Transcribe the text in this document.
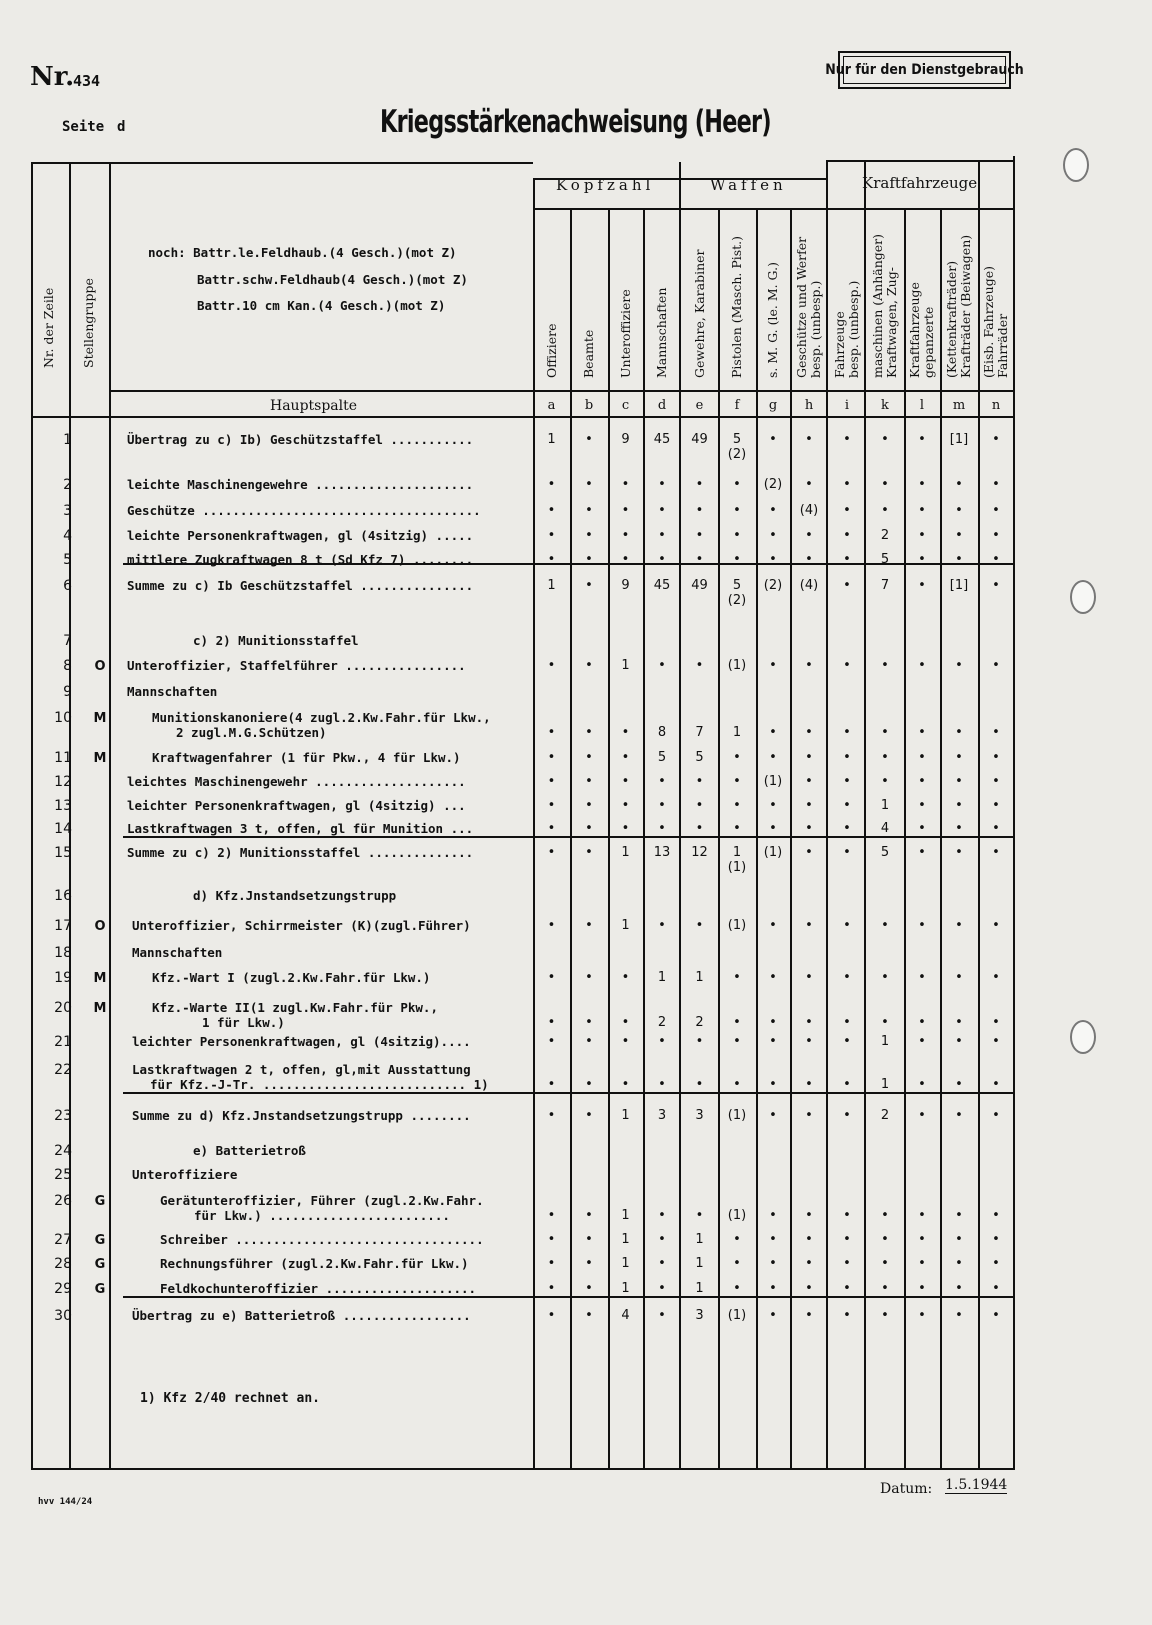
Nr.
434
Seite d	Kriegsstärkenachweisung (Heer)
Nur für den Dienstgebrauch
Nr. der Zeile Stellengruppe
noch: Battr.le.Feldhaub.(4 Gesch.)(mot Z)
Battr.schw.Feldhaub(4 Gesch.)(mot Z)
Battr.10 cm Kan.(4 Gesch.)(mot Z)
Hauptspalte
Kopfzahl	Waffen	Kraftfahrzeuge
Offiziere
a
Beamte
b
Unteroffiziere
c
Mannschaften
d
Gewehre, Karabiner
e
Pistolen (Masch. Pist.)
f
s. M. G. (le. M. G.)
g
Geschütze und Werfer besp. (unbesp.)
h
Fahrzeuge besp. (unbesp.)
i
maschinen (Anhänger) Kraftwagen, Zug-
k
Kraftfahrzeuge gepanzerte
l
(Kettenkrafträder) Krafträder (Beiwagen)
m
(Eisb. Fahrzeuge) Fahrräder
n
1	Übertrag zu c) Ib) Geschützstaffel ...........	1	•	9	45	49	5	•	•	•	•	•	[1]	•
(2)
2	leichte Maschinengewehre .....................	•	•	•	•	•	•	(2)	•	•	•	•	•	•
3	Geschütze .....................................	•	•	•	•	•	•	•	(4)	•	•	•	•	•
4	leichte Personenkraftwagen, gl (4sitzig) .....	•	•	•	•	•	•	•	•	•	2	•	•	•
5	mittlere Zugkraftwagen 8 t (Sd Kfz 7) ........	•	•	•	•	•	•	•	•	•	5	•	•	•
6	Summe zu c) Ib Geschützstaffel ...............	1	•	9	45	49	5	(2)	(4)	•	7	•	[1]	•
(2)
7	c) 2) Munitionsstaffel
8	O	Unteroffizier, Staffelführer ................	•	•	1	•	•	(1)	•	•	•	•	•	•	•
9	Mannschaften
10	M	Munitionskanoniere(4 zugl.2.Kw.Fahr.für Lkw.,
2 zugl.M.G.Schützen)	•	•	•	8	7	1	•	•	•	•	•	•	•
11	M	Kraftwagenfahrer (1 für Pkw., 4 für Lkw.)	•	•	•	5	5	•	•	•	•	•	•	•	•
12	leichtes Maschinengewehr ....................	•	•	•	•	•	•	(1)	•	•	•	•	•	•
13	leichter Personenkraftwagen, gl (4sitzig) ...	•	•	•	•	•	•	•	•	•	1	•	•	•
14	Lastkraftwagen 3 t, offen, gl für Munition ...	•	•	•	•	•	•	•	•	•	4	•	•	•
15	Summe zu c) 2) Munitionsstaffel ..............	•	•	1	13	12	1	(1)	•	•	5	•	•	•
(1)
16	d) Kfz.Jnstandsetzungstrupp
17	O	Unteroffizier, Schirrmeister (K)(zugl.Führer)	•	•	1	•	•	(1)	•	•	•	•	•	•	•
18	Mannschaften
19	M	Kfz.-Wart I (zugl.2.Kw.Fahr.für Lkw.)	•	•	•	1	1	•	•	•	•	•	•	•	•
20	M	Kfz.-Warte II(1 zugl.Kw.Fahr.für Pkw.,
1 für Lkw.)	•	•	•	2	2	•	•	•	•	•	•	•	•
21	leichter Personenkraftwagen, gl (4sitzig)....	•	•	•	•	•	•	•	•	•	1	•	•	•
22	Lastkraftwagen 2 t, offen, gl,mit Ausstattung
für Kfz.-J-Tr. ........................... 1)	•	•	•	•	•	•	•	•	•	1	•	•	•
23	Summe zu d) Kfz.Jnstandsetzungstrupp ........	•	•	1	3	3	(1)	•	•	•	2	•	•	•
24	e) Batterietroß
25	Unteroffiziere
26	G	Gerätunteroffizier, Führer (zugl.2.Kw.Fahr.
für Lkw.) ........................	•	•	1	•	•	(1)	•	•	•	•	•	•	•
27	G	Schreiber .................................	•	•	1	•	1	•	•	•	•	•	•	•	•
28	G	Rechnungsführer (zugl.2.Kw.Fahr.für Lkw.)	•	•	1	•	1	•	•	•	•	•	•	•	•
29	G	Feldkochunteroffizier ....................	•	•	1	•	1	•	•	•	•	•	•	•	•
30	Übertrag zu e) Batterietroß .................	•	•	4	•	3	(1)	•	•	•	•	•	•	•
1) Kfz 2/40 rechnet an.
hvv 144/24
Datum: 1.5.1944
